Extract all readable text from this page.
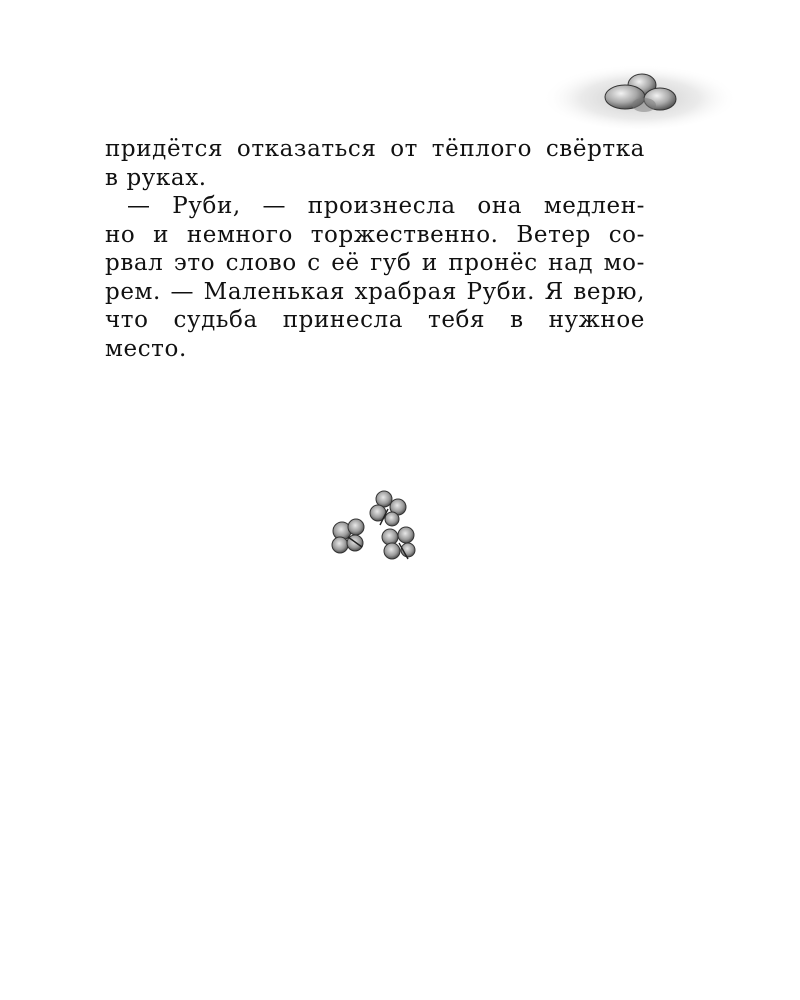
придётся отказаться от тёплого свёртка
в руках.
— Руби, — произнесла она медлен-
но и немного торжественно. Ветер со-
рвал это слово с её губ и пронёс над мо-
рем. — Маленькая храбрая Руби. Я верю,
что судьба принесла тебя в нужное
место.
